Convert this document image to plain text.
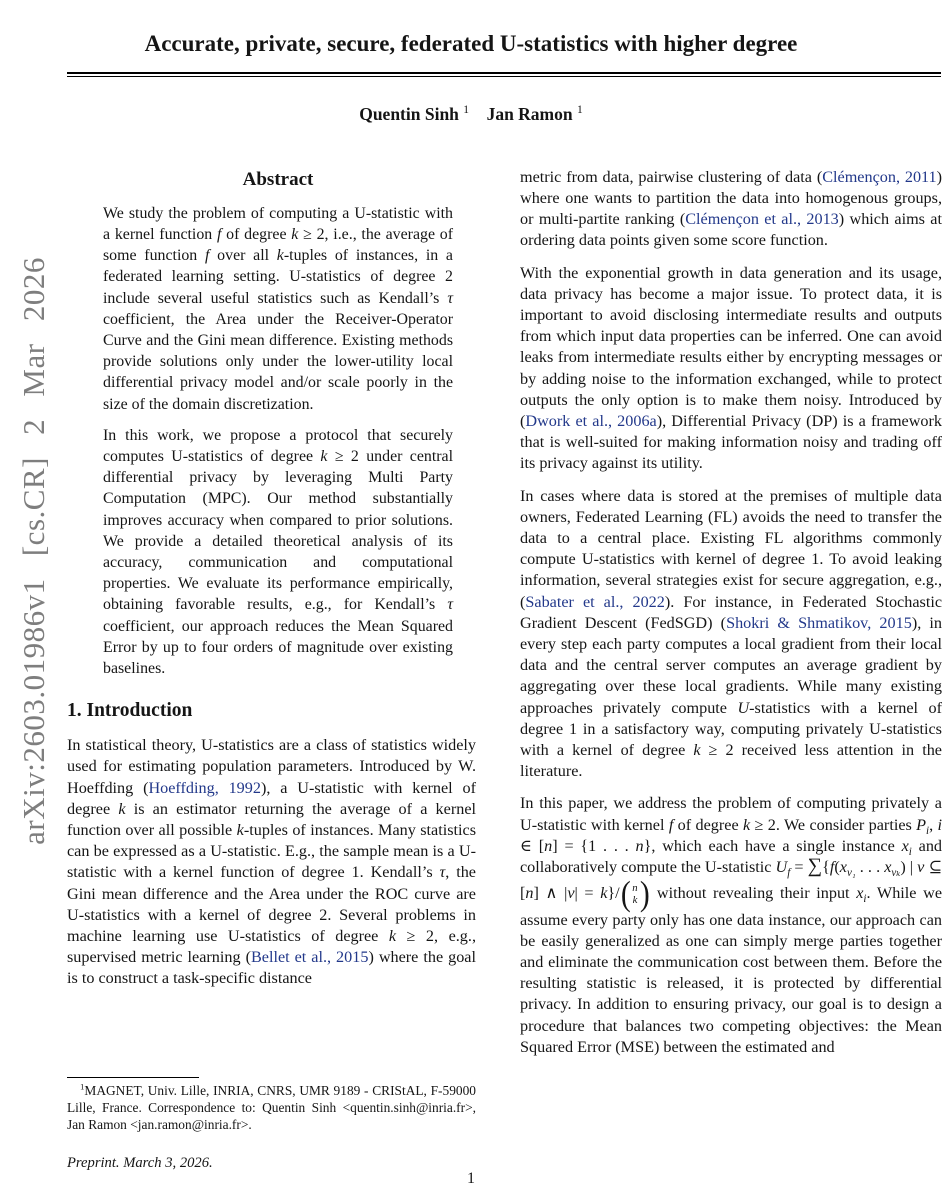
arXiv:2603.01986v1 [cs.CR] 2 Mar 2026
Accurate, private, secure, federated U-statistics with higher degree
Quentin Sinh $^1$ Jan Ramon $^1$
Abstract

We study the problem of computing a U-statistic with a kernel function f of degree k ≥ 2, i.e., the average of some function f over all k-tuples of instances, in a federated learning setting. U-statistics of degree 2 include several useful statistics such as Kendall’s τ coefficient, the Area under the Receiver-Operator Curve and the Gini mean difference. Existing methods provide solutions only under the lower-utility local differential privacy model and/or scale poorly in the size of the domain discretization.

In this work, we propose a protocol that securely computes U-statistics of degree k ≥ 2 under central differential privacy by leveraging Multi Party Computation (MPC). Our method substantially improves accuracy when compared to prior solutions. We provide a detailed theoretical analysis of its accuracy, communication and computational properties. We evaluate its performance empirically, obtaining favorable results, e.g., for Kendall’s τ coefficient, our approach reduces the Mean Squared Error by up to four orders of magnitude over existing baselines.

1. Introduction

In statistical theory, U-statistics are a class of statistics widely used for estimating population parameters. Introduced by W. Hoeffding (Hoeffding, 1992), a U-statistic with kernel of degree k is an estimator returning the average of a kernel function over all possible k-tuples of instances. Many statistics can be expressed as a U-statistic. E.g., the sample mean is a U-statistic with a kernel function of degree 1. Kendall’s τ, the Gini mean difference and the Area under the ROC curve are U-statistics with a kernel of degree 2. Several problems in machine learning use U-statistics of degree k ≥ 2, e.g., supervised metric learning (Bellet et al., 2015) where the goal is to construct a task-specific distance

$^1$MAGNET, Univ. Lille, INRIA, CNRS, UMR 9189 - CRIStAL, F-59000 Lille, France. Correspondence to: Quentin Sinh <quentin.sinh@inria.fr>, Jan Ramon <jan.ramon@inria.fr>.

Preprint. March 3, 2026.

metric from data, pairwise clustering of data (Clémençon, 2011) where one wants to partition the data into homogenous groups, or multi-partite ranking (Clémençon et al., 2013) which aims at ordering data points given some score function.

With the exponential growth in data generation and its usage, data privacy has become a major issue. To protect data, it is important to avoid disclosing intermediate results and outputs from which input data properties can be inferred. One can avoid leaks from intermediate results either by encrypting messages or by adding noise to the information exchanged, while to protect outputs the only option is to make them noisy. Introduced by (Dwork et al., 2006a), Differential Privacy (DP) is a framework that is well-suited for making information noisy and trading off its privacy against its utility.

In cases where data is stored at the premises of multiple data owners, Federated Learning (FL) avoids the need to transfer the data to a central place. Existing FL algorithms commonly compute U-statistics with kernel of degree 1. To avoid leaking information, several strategies exist for secure aggregation, e.g., (Sabater et al., 2022). For instance, in Federated Stochastic Gradient Descent (FedSGD) (Shokri & Shmatikov, 2015), in every step each party computes a local gradient from their local data and the central server computes an average gradient by aggregating over these local gradients. While many existing approaches privately compute U-statistics with a kernel of degree 1 in a satisfactory way, computing privately U-statistics with a kernel of degree k ≥ 2 received less attention in the literature.

In this paper, we address the problem of computing privately a U-statistic with kernel f of degree k ≥ 2. We consider parties $P_i$, i ∈ [n] = {1 . . . n}, which each have a single instance $x_i$ and collaboratively compute the U-statistic $U_f = \sum\{f(x_{v_1}$ . . . $x_{v_k}$) | v ⊆ [n] ∧ |v| = k}/ ( n
k ) without revealing their input $x_i$. While we assume every party only has one data instance, our approach can be easily generalized as one can simply merge parties together and eliminate the communication cost between them. Before the resulting statistic is released, it is protected by differential privacy. In addition to ensuring privacy, our goal is to design a procedure that balances two competing objectives: the Mean Squared Error (MSE) between the estimated and

1
